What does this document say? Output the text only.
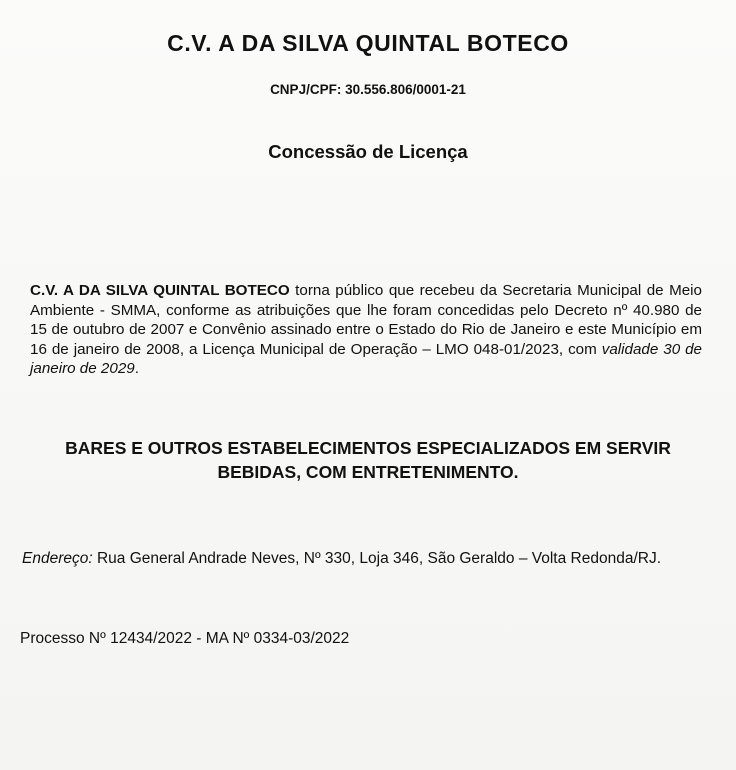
C.V. A DA SILVA QUINTAL BOTECO
CNPJ/CPF: 30.556.806/0001-21
Concessão de Licença
C.V. A DA SILVA QUINTAL BOTECO torna público que recebeu da Secretaria Municipal de Meio Ambiente - SMMA, conforme as atribuições que lhe foram concedidas pelo Decreto nº 40.980 de 15 de outubro de 2007 e Convênio assinado entre o Estado do Rio de Janeiro e este Município em 16 de janeiro de 2008, a Licença Municipal de Operação – LMO 048-01/2023, com validade 30 de janeiro de 2029.
BARES E OUTROS ESTABELECIMENTOS ESPECIALIZADOS EM SERVIR
BEBIDAS, COM ENTRETENIMENTO.
Endereço: Rua General Andrade Neves, Nº 330, Loja 346, São Geraldo – Volta Redonda/RJ.
Processo Nº 12434/2022 - MA Nº 0334-03/2022
